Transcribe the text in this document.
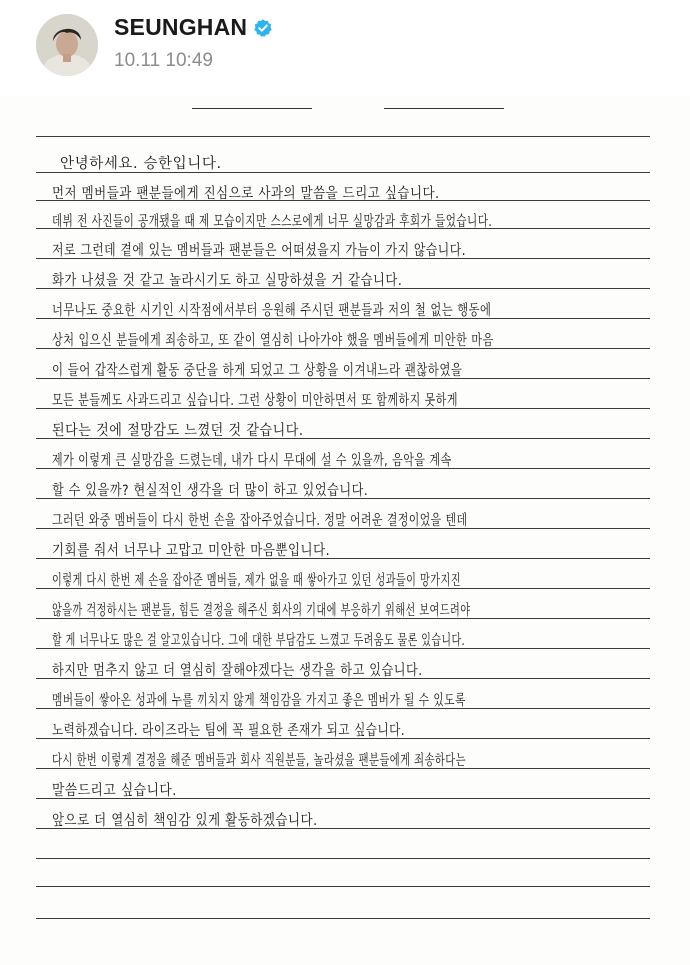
SEUNGHAN
10.11 10:49
안녕하세요. 승한입니다.
먼저 멤버들과 팬분들에게 진심으로 사과의 말씀을 드리고 싶습니다.
데뷔 전 사진들이 공개됐을 때 제 모습이지만 스스로에게 너무 실망감과 후회가 들었습니다.
저로 그런데 곁에 있는 멤버들과 팬분들은 어떠셨을지 가늠이 가지 않습니다.
화가 나셨을 것 같고 놀라시기도 하고 실망하셨을 거 같습니다.
너무나도 중요한 시기인 시작점에서부터 응원해 주시던 팬분들과 저의 철 없는 행동에
상처 입으신 분들에게 죄송하고, 또 같이 열심히 나아가야 했을 멤버들에게 미안한 마음
이 들어 갑작스럽게 활동 중단을 하게 되었고 그 상황을 이겨내느라 괜찮하였을
모든 분들께도 사과드리고 싶습니다. 그런 상황이 미안하면서 또 함께하지 못하게
된다는 것에 절망감도 느꼈던 것 같습니다.
제가 이렇게 큰 실망감을 드렸는데, 내가 다시 무대에 설 수 있을까, 음악을 계속
할 수 있을까? 현실적인 생각을 더 많이 하고 있었습니다.
그러던 와중 멤버들이 다시 한번 손을 잡아주었습니다. 정말 어려운 결정이었을 텐데
기회를 줘서 너무나 고맙고 미안한 마음뿐입니다.
이렇게 다시 한번 제 손을 잡아준 멤버들, 제가 없을 때 쌓아가고 있던 성과들이 망가지진
않을까 걱정하시는 팬분들, 힘든 결정을 해주신 회사의 기대에 부응하기 위해선 보여드려야
할 게 너무나도 많은 걸 알고있습니다. 그에 대한 부담감도 느꼈고 두려움도 물론 있습니다.
하지만 멈추지 않고 더 열심히 잘해야겠다는 생각을 하고 있습니다.
멤버들이 쌓아온 성과에 누를 끼치지 않게 책임감을 가지고 좋은 멤버가 될 수 있도록
노력하겠습니다. 라이즈라는 팀에 꼭 필요한 존재가 되고 싶습니다.
다시 한번 이렇게 결정을 해준 멤버들과 회사 직원분들, 놀라셨을 팬분들에게 죄송하다는
말씀드리고 싶습니다.
앞으로 더 열심히 책임감 있게 활동하겠습니다.
